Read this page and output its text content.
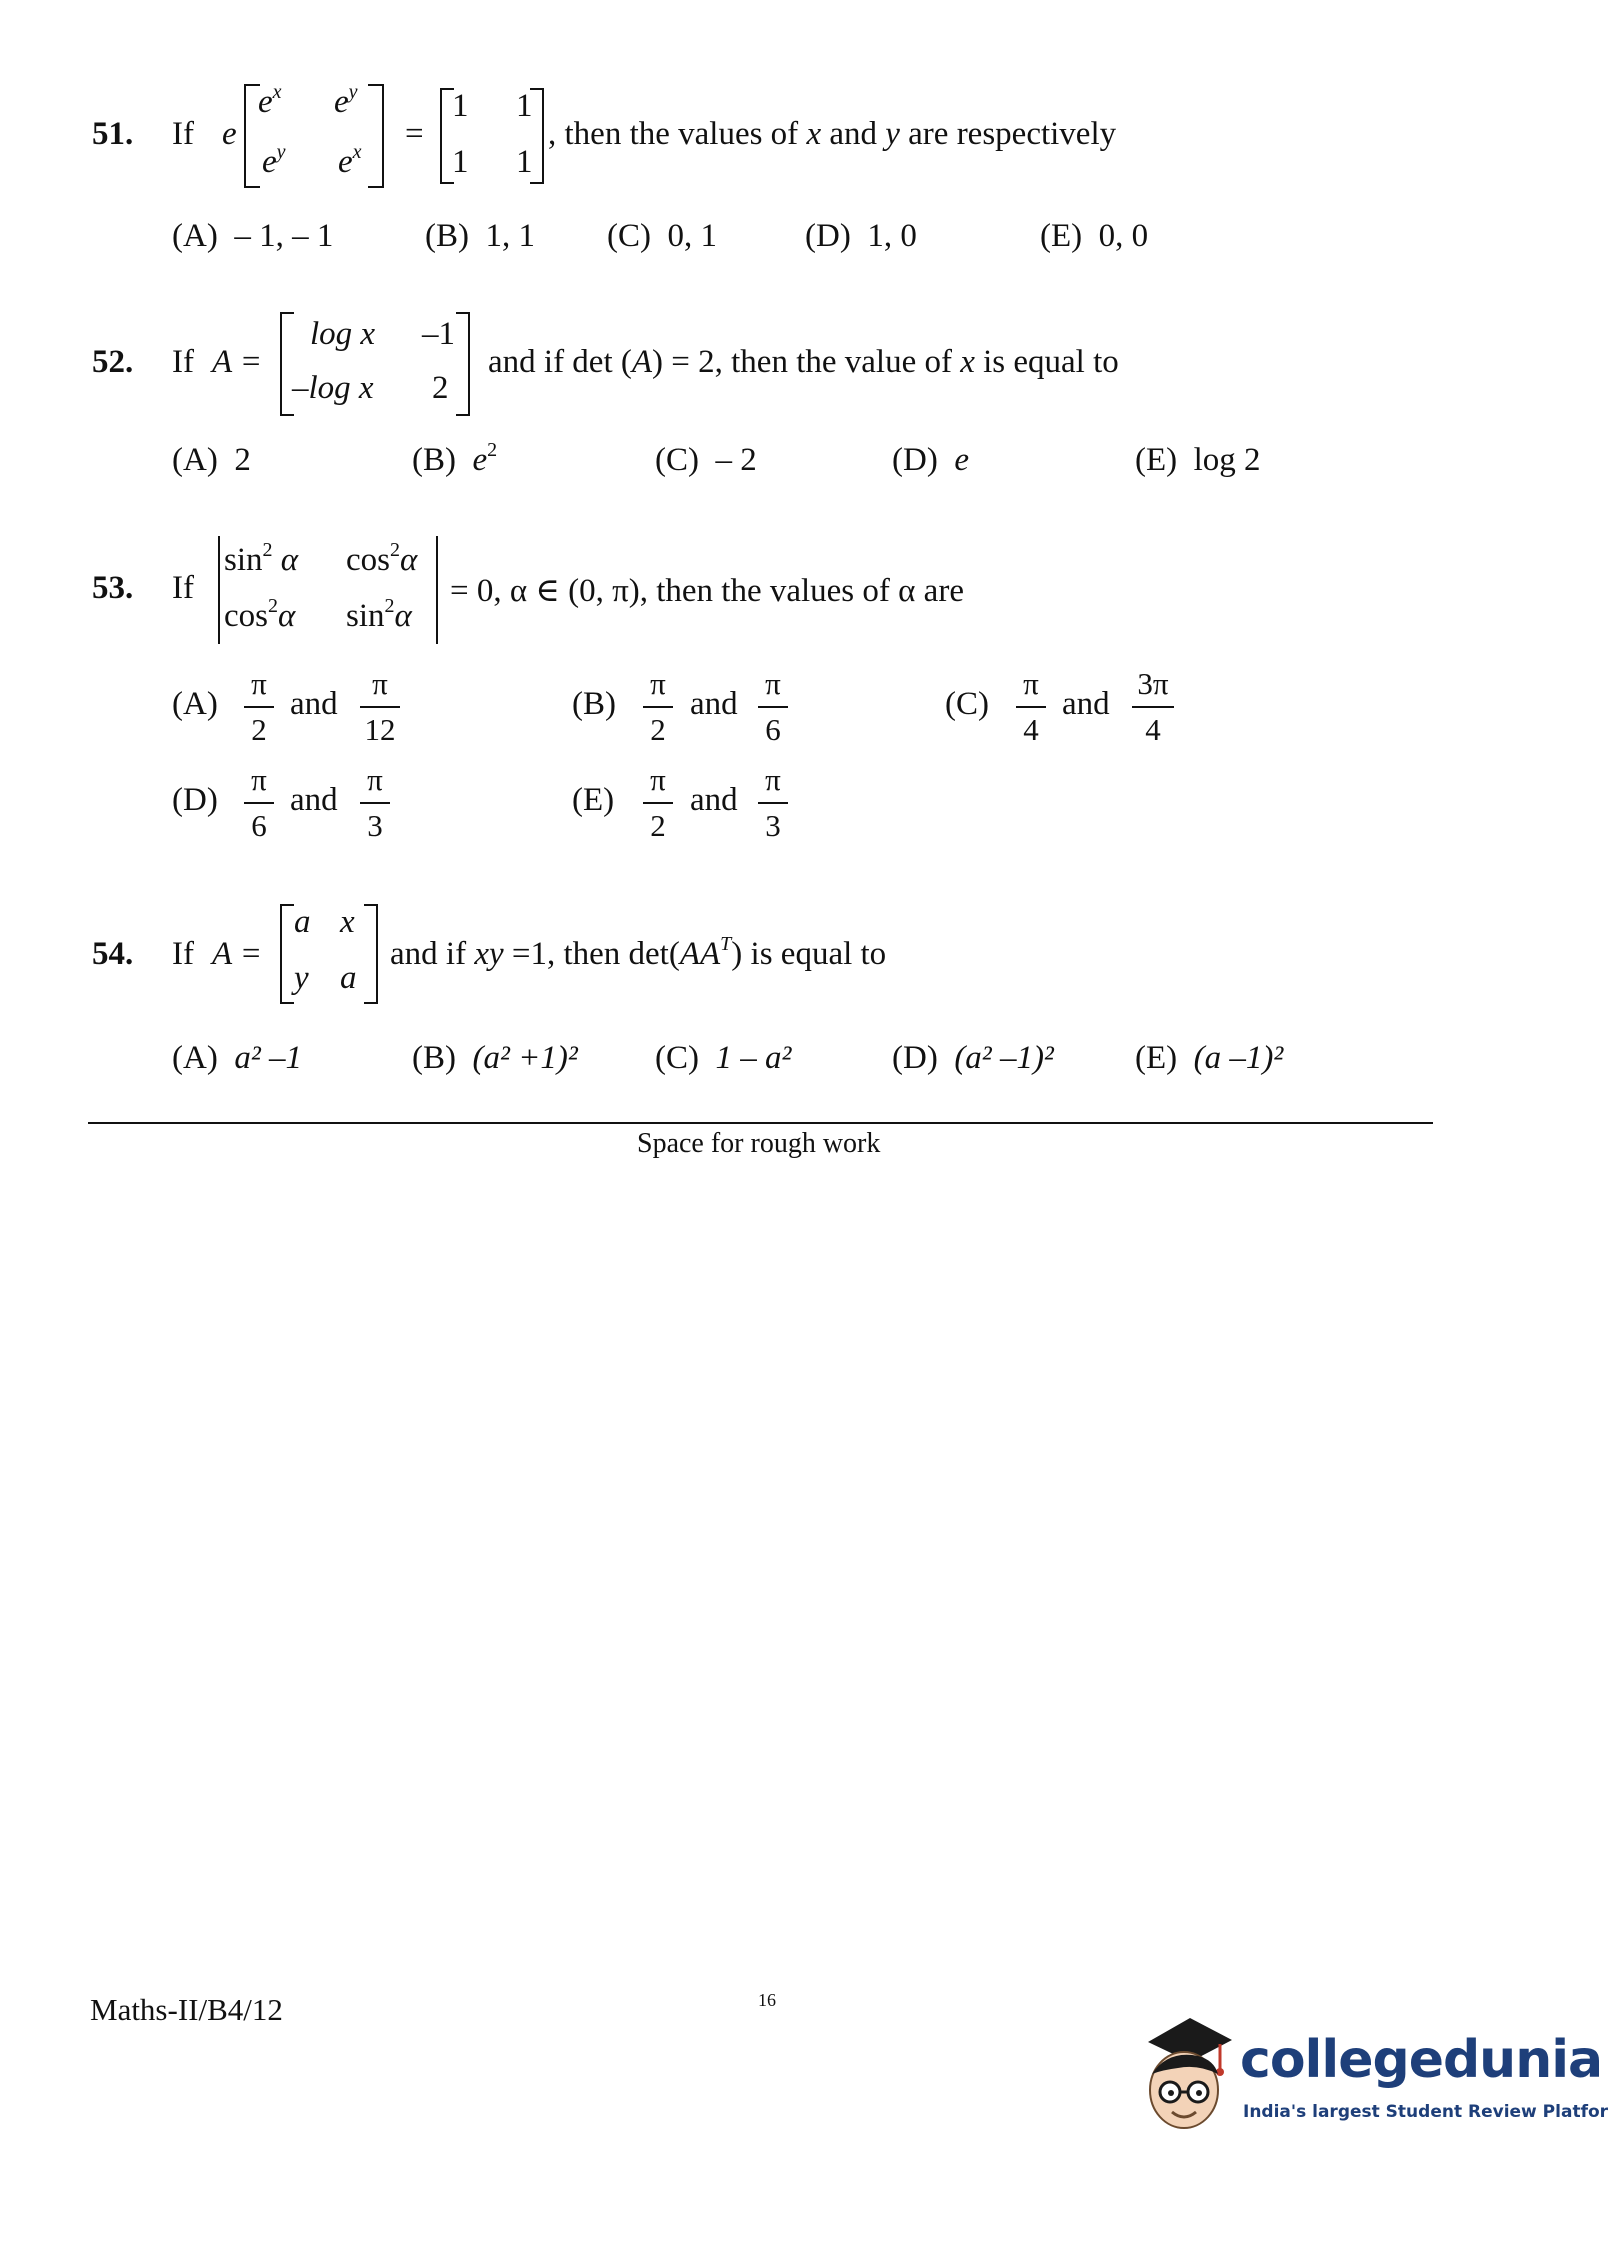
51. If e
$e^x$ $e^y$
$e^y$ $e^x$ =
1 1
1 1
, then the values of x and y are respectively
(A) – 1, – 1	(B) 1, 1 (C) 0, 1	(D) 1, 0	(E) 0, 0
52. If A =
log x –1
–log x 2
and if det (A) = 2, then the value of x is equal to
(A) 2	(B) $e^2$	(C) – 2	(D) e	(E) log 2
53. If
$\sin^2 \alpha$ $\cos^2\alpha$
$\cos^2\alpha$ $\sin^2\alpha$
= 0, α ∈ (0, π), then the values of α are
(A)
π
2
and
π
12
(B)
π
2
and
π
6
(C)
π
4
and
3π
4
(D)
π
6
and
π
3
(E)
π
2
and
π
3
54. If A =
a x
y a
and if xy =1, then $\det(AA^T)$ is equal to
(A) a² –1	(B) (a² +1)² (C) 1 – a²	(D) (a² –1)² (E) (a –1)²
Space for rough work
Maths-II/B4/12	16
collegedunia
India's largest Student Review Platfor
